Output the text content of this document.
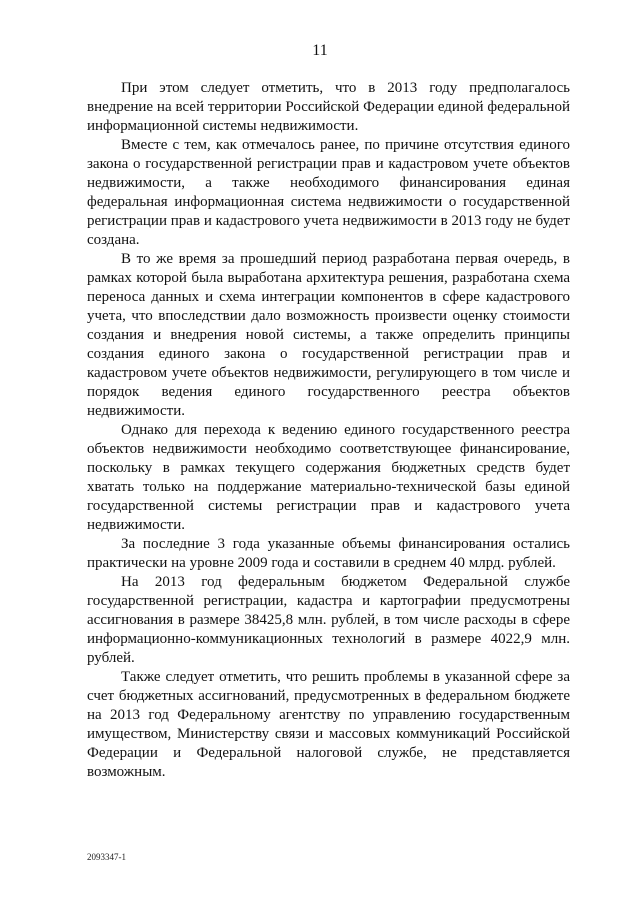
11

При этом следует отметить, что в 2013 году предполагалось внедрение на всей территории Российской Федерации единой федеральной информационной системы недвижимости.

Вместе с тем, как отмечалось ранее, по причине отсутствия единого закона о государственной регистрации прав и кадастровом учете объектов недвижимости, а также необходимого финансирования единая федеральная информационная система недвижимости о государственной регистрации прав и кадастрового учета недвижимости в 2013 году не будет создана.

В то же время за прошедший период разработана первая очередь, в рамках которой была выработана архитектура решения, разработана схема переноса данных и схема интеграции компонентов в сфере кадастрового учета, что впоследствии дало возможность произвести оценку стоимости создания и внедрения новой системы, а также определить принципы создания единого закона о государственной регистрации прав и кадастровом учете объектов недвижимости, регулирующего в том числе и порядок ведения единого государственного реестра объектов недвижимости.

Однако для перехода к ведению единого государственного реестра объектов недвижимости необходимо соответствующее финансирование, поскольку в рамках текущего содержания бюджетных средств будет хватать только на поддержание материально-технической базы единой государственной системы регистрации прав и кадастрового учета недвижимости.

За последние 3 года указанные объемы финансирования остались практически на уровне 2009 года и составили в среднем 40 млрд. рублей.

На 2013 год федеральным бюджетом Федеральной службе государственной регистрации, кадастра и картографии предусмотрены ассигнования в размере 38425,8 млн. рублей, в том числе расходы в сфере информационно-коммуникационных технологий в размере 4022,9 млн. рублей.

Также следует отметить, что решить проблемы в указанной сфере за счет бюджетных ассигнований, предусмотренных в федеральном бюджете на 2013 год Федеральному агентству по управлению государственным имуществом, Министерству связи и массовых коммуникаций Российской Федерации и Федеральной налоговой службе, не представляется возможным.

2093347-1
